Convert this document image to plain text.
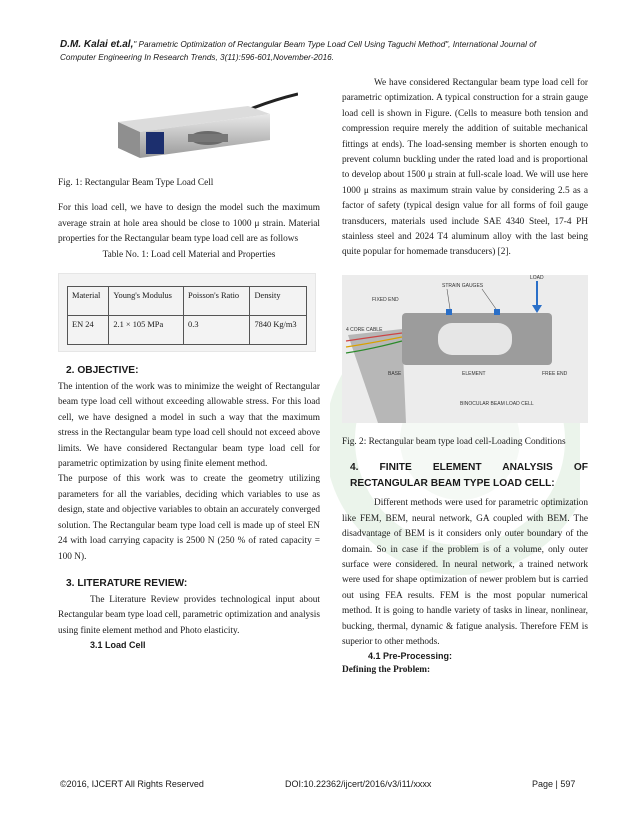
D.M. Kalai et.al," Parametric Optimization of Rectangular Beam Type Load Cell Using Taguchi Method", International Journal of
Computer Engineering In Research Trends, 3(11):596-601,November-2016.

Fig. 1: Rectangular Beam Type Load Cell

For this load cell, we have to design the model such the maximum average strain at hole area should be close to 1000 μ strain. Material properties for the Rectangular beam type load cell are as follows

Table No. 1: Load cell Material and Properties

Material	Young's Modulus	Poisson's Ratio	Density
EN 24	2.1 × 105 MPa	0.3	7840 Kg/m3
2. OBJECTIVE:

The intention of the work was to minimize the weight of Rectangular beam type load cell without exceeding allowable stress. For this load cell, we have designed a model in such a way that the maximum stress in the Rectangular beam type load cell should not exceed above limits. We have considered Rectangular beam type load cell for parametric optimization by using finite element method.

The purpose of this work was to create the geometry utilizing parameters for all the variables, deciding which variables to use as design, state and objective variables to obtain an accurately converged solution. The Rectangular beam type load cell is made up of steel EN 24 with load carrying capacity is 2500 N (250 % of rated capacity = 100 N).

3. LITERATURE REVIEW:

The Literature Review provides technological input about Rectangular beam type load cell, parametric optimization and analysis using finite element method and Photo elasticity.

3.1 Load Cell

We have considered Rectangular beam type load cell for parametric optimization. A typical construction for a strain gauge load cell is shown in Figure. (Cells to measure both tension and compression require merely the addition of suitable mechanical fittings at ends). The load-sensing member is shorten enough to prevent column buckling under the rated load and is proportional to develop about 1500 μ strain at full-scale load. We will use here 1000 μ strains as maximum strain value by considering 2.5 as a factor of safety (typical design value for all forms of foil gauge transducers, materials used include SAE 4340 Steel, 17-4 PH stainless steel and 2024 T4 aluminum alloy with the last being quite popular for homemade transducers) [2].

STRAIN GAUGES
FIXED END
LOAD
4 CORE CABLE
BASE	ELEMENT	FREE END
BINOCULAR BEAM LOAD CELL

Fig. 2: Rectangular beam type load cell-Loading Conditions

4. FINITE ELEMENT ANALYSIS OF RECTANGULAR BEAM TYPE LOAD CELL:

Different methods were used for parametric optimization like FEM, BEM, neural network, GA coupled with BEM. The disadvantage of BEM is it considers only outer boundary of the domain. So in case if the problem is of a volume, only outer surface were considered. In neural network, a trained network were used for shape optimization of newer problem but is carried out using FEA results. FEM is the most popular numerical method. It is going to handle variety of tasks in linear, nonlinear, bucking, thermal, dynamic & fatigue analysis. Therefore FEM is superior to other methods.

4.1 Pre-Processing:

Defining the Problem:

©2016, IJCERT All Rights Reserved	DOI:10.22362/ijcert/2016/v3/i11/xxxx	Page | 597
